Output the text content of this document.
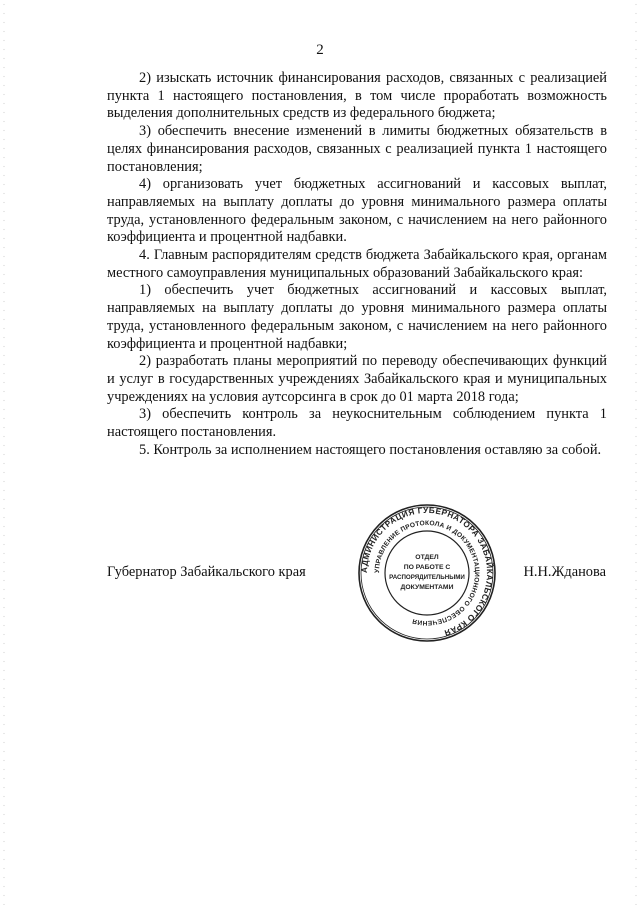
2

2) изыскать источник финансирования расходов, связанных с реализацией пункта 1 настоящего постановления, в том числе проработать возможность выделения дополнительных средств из федерального бюджета;

3) обеспечить внесение изменений в лимиты бюджетных обязательств в целях финансирования расходов, связанных с реализацией пункта 1 настоящего постановления;

4) организовать учет бюджетных ассигнований и кассовых выплат, направляемых на выплату доплаты до уровня минимального размера оплаты труда, установленного федеральным законом, с начислением на него районного коэффициента и процентной надбавки.

4. Главным распорядителям средств бюджета Забайкальского края, органам местного самоуправления муниципальных образований Забайкальского края:

1) обеспечить учет бюджетных ассигнований и кассовых выплат, направляемых на выплату доплаты до уровня минимального размера оплаты труда, установленного федеральным законом, с начислением на него районного коэффициента и процентной надбавки;

2) разработать планы мероприятий по переводу обеспечивающих функций и услуг в государственных учреждениях Забайкальского края и муниципальных учреждениях на условия аутсорсинга в срок до 01 марта 2018 года;

3) обеспечить контроль за неукоснительным соблюдением пункта 1 настоящего постановления.

5. Контроль за исполнением настоящего постановления оставляю за собой.

Губернатор Забайкальского края	Н.Н.Жданова
АДМИНИСТРАЦИЯ ГУБЕРНАТОРА ЗАБАЙКАЛЬСКОГО КРАЯ
УПРАВЛЕНИЕ ПРОТОКОЛА И ДОКУМЕНТАЦИОННОГО ОБЕСПЕЧЕНИЯ
ОТДЕЛ
ПО РАБОТЕ С
РАСПОРЯДИТЕЛЬНЫМИ
ДОКУМЕНТАМИ
